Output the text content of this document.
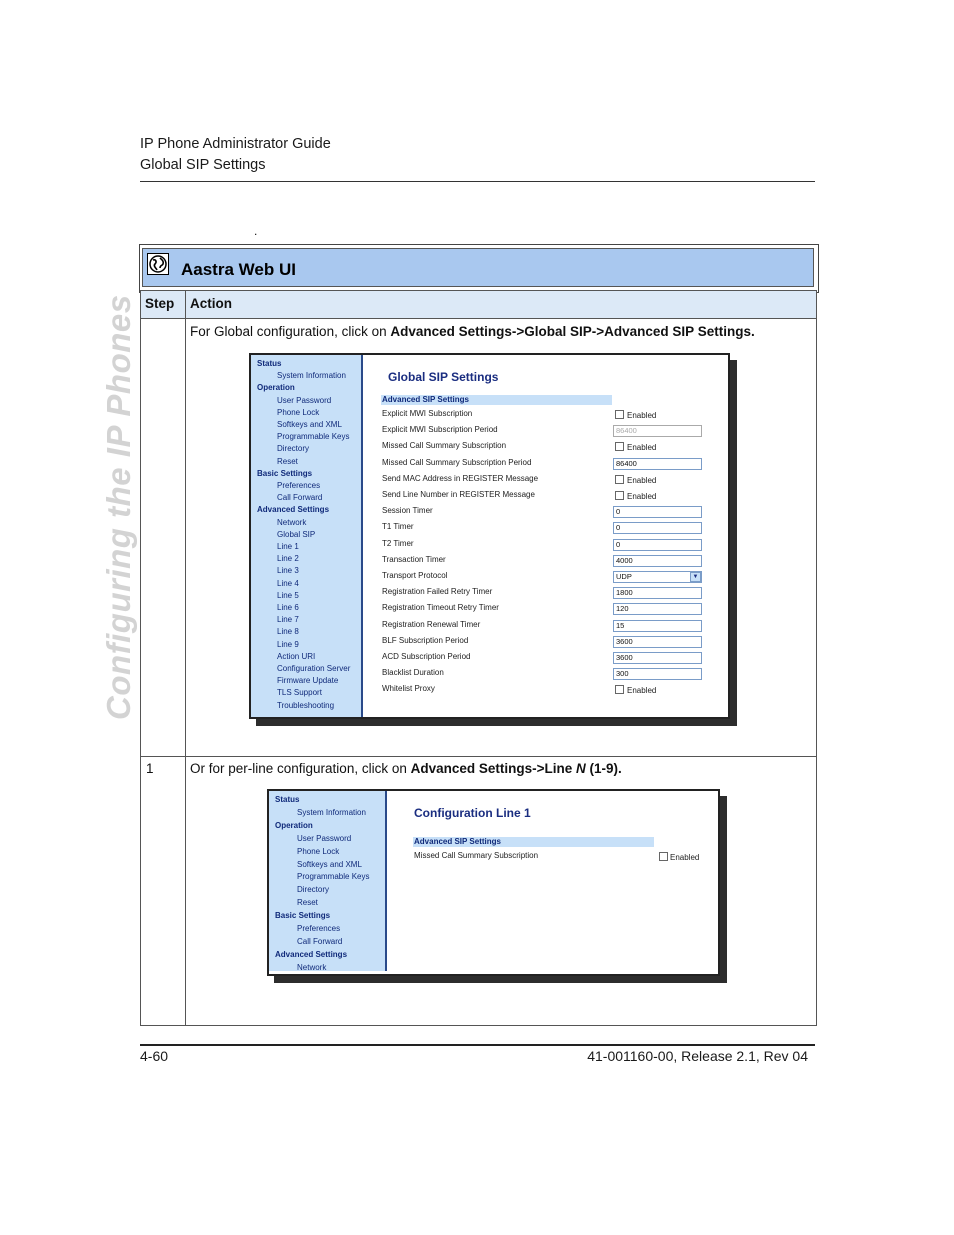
IP Phone Administrator Guide
Global SIP Settings
Configuring the IP Phones
.
Aastra Web UI
Step Action
For Global configuration, click on Advanced Settings->Global SIP->Advanced SIP Settings.
1	Or for per-line configuration, click on Advanced Settings->Line N (1-9).
Status
System Information
Operation
User Password
Phone Lock
Softkeys and XML
Programmable Keys
Directory
Reset
Basic Settings
Preferences
Call Forward
Advanced Settings
Network
Global SIP
Line 1
Line 2
Line 3
Line 4
Line 5
Line 6
Line 7
Line 8
Line 9
Action URI
Configuration Server
Firmware Update
TLS Support
Troubleshooting
Global SIP Settings
Advanced SIP Settings
Explicit MWI Subscription	Enabled
Explicit MWI Subscription Period	86400
Missed Call Summary Subscription	Enabled
Missed Call Summary Subscription Period	86400
Send MAC Address in REGISTER Message	Enabled
Send Line Number in REGISTER Message	Enabled
Session Timer	0
T1 Timer	0
T2 Timer	0
Transaction Timer	4000
Transport Protocol	UDP	▼
Registration Failed Retry Timer	1800
Registration Timeout Retry Timer	120
Registration Renewal Timer	15
BLF Subscription Period	3600
ACD Subscription Period	3600
Blacklist Duration	300
Whitelist Proxy	Enabled
Status
System Information
Operation
User Password
Phone Lock
Softkeys and XML
Programmable Keys
Directory
Reset
Basic Settings
Preferences
Call Forward
Advanced Settings
Network
Configuration Line 1
Advanced SIP Settings
Missed Call Summary Subscription	Enabled
4-60	41-001160-00, Release 2.1, Rev 04
